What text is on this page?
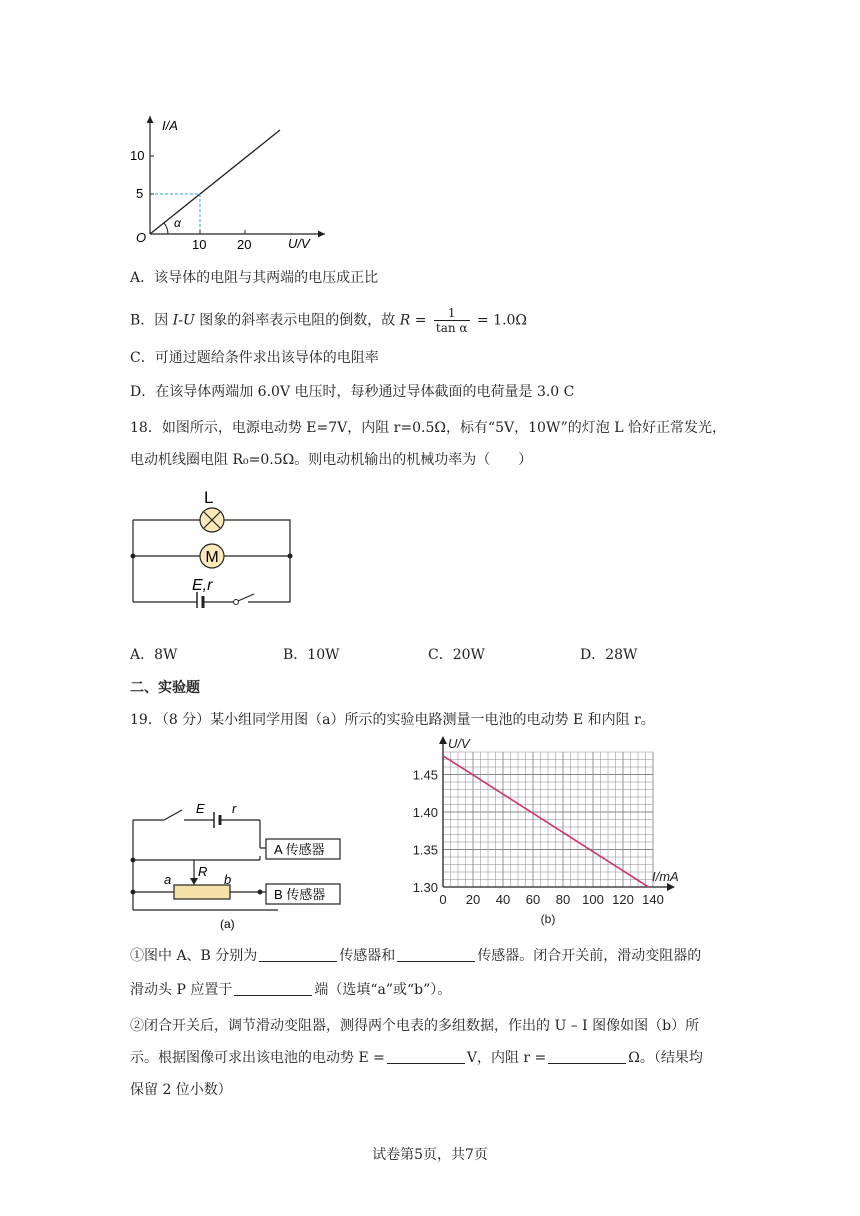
I/A
U/V
O
α
5
10
10 20
A．该导体的电阻与其两端的电压成正比
B．因 I-U 图象的斜率表示电阻的倒数，故 $R = \frac{1}{\text{tan α}} = 1.0\Omega$
C．可通过题给条件求出该导体的电阻率
D．在该导体两端加 6.0V 电压时，每秒通过导体截面的电荷量是 3.0 C
18．如图所示，电源电动势 E=7V，内阻 r=0.5Ω，标有“5V，10W”的灯泡 L 恰好正常发光，
电动机线圈电阻 R₀=0.5Ω。则电动机输出的机械功率为（　　）
M
L
E,r
A．8W	B．10W	C．20W	D．28W
二、实验题
19．（8 分）某小组同学用图（a）所示的实验电路测量一电池的电动势 E 和内阻 r。
A 传感器
B 传感器
E r
R
a	b
(a)
0 20 40 60 80 100 120 140
1.30
1.35
1.40
1.45
U/V
I/mA
(b)
①图中 A、B 分别为	传感器和	传感器。闭合开关前，滑动变阻器的
滑动头 P 应置于	端（选填“a”或“b”）。
②闭合开关后，调节滑动变阻器，测得两个电表的多组数据，作出的 U – I 图像如图（b）所
示。根据图像可求出该电池的电动势 E =	V，内阻 r =	Ω。（结果均
保留 2 位小数）
试卷第5页，共7页
